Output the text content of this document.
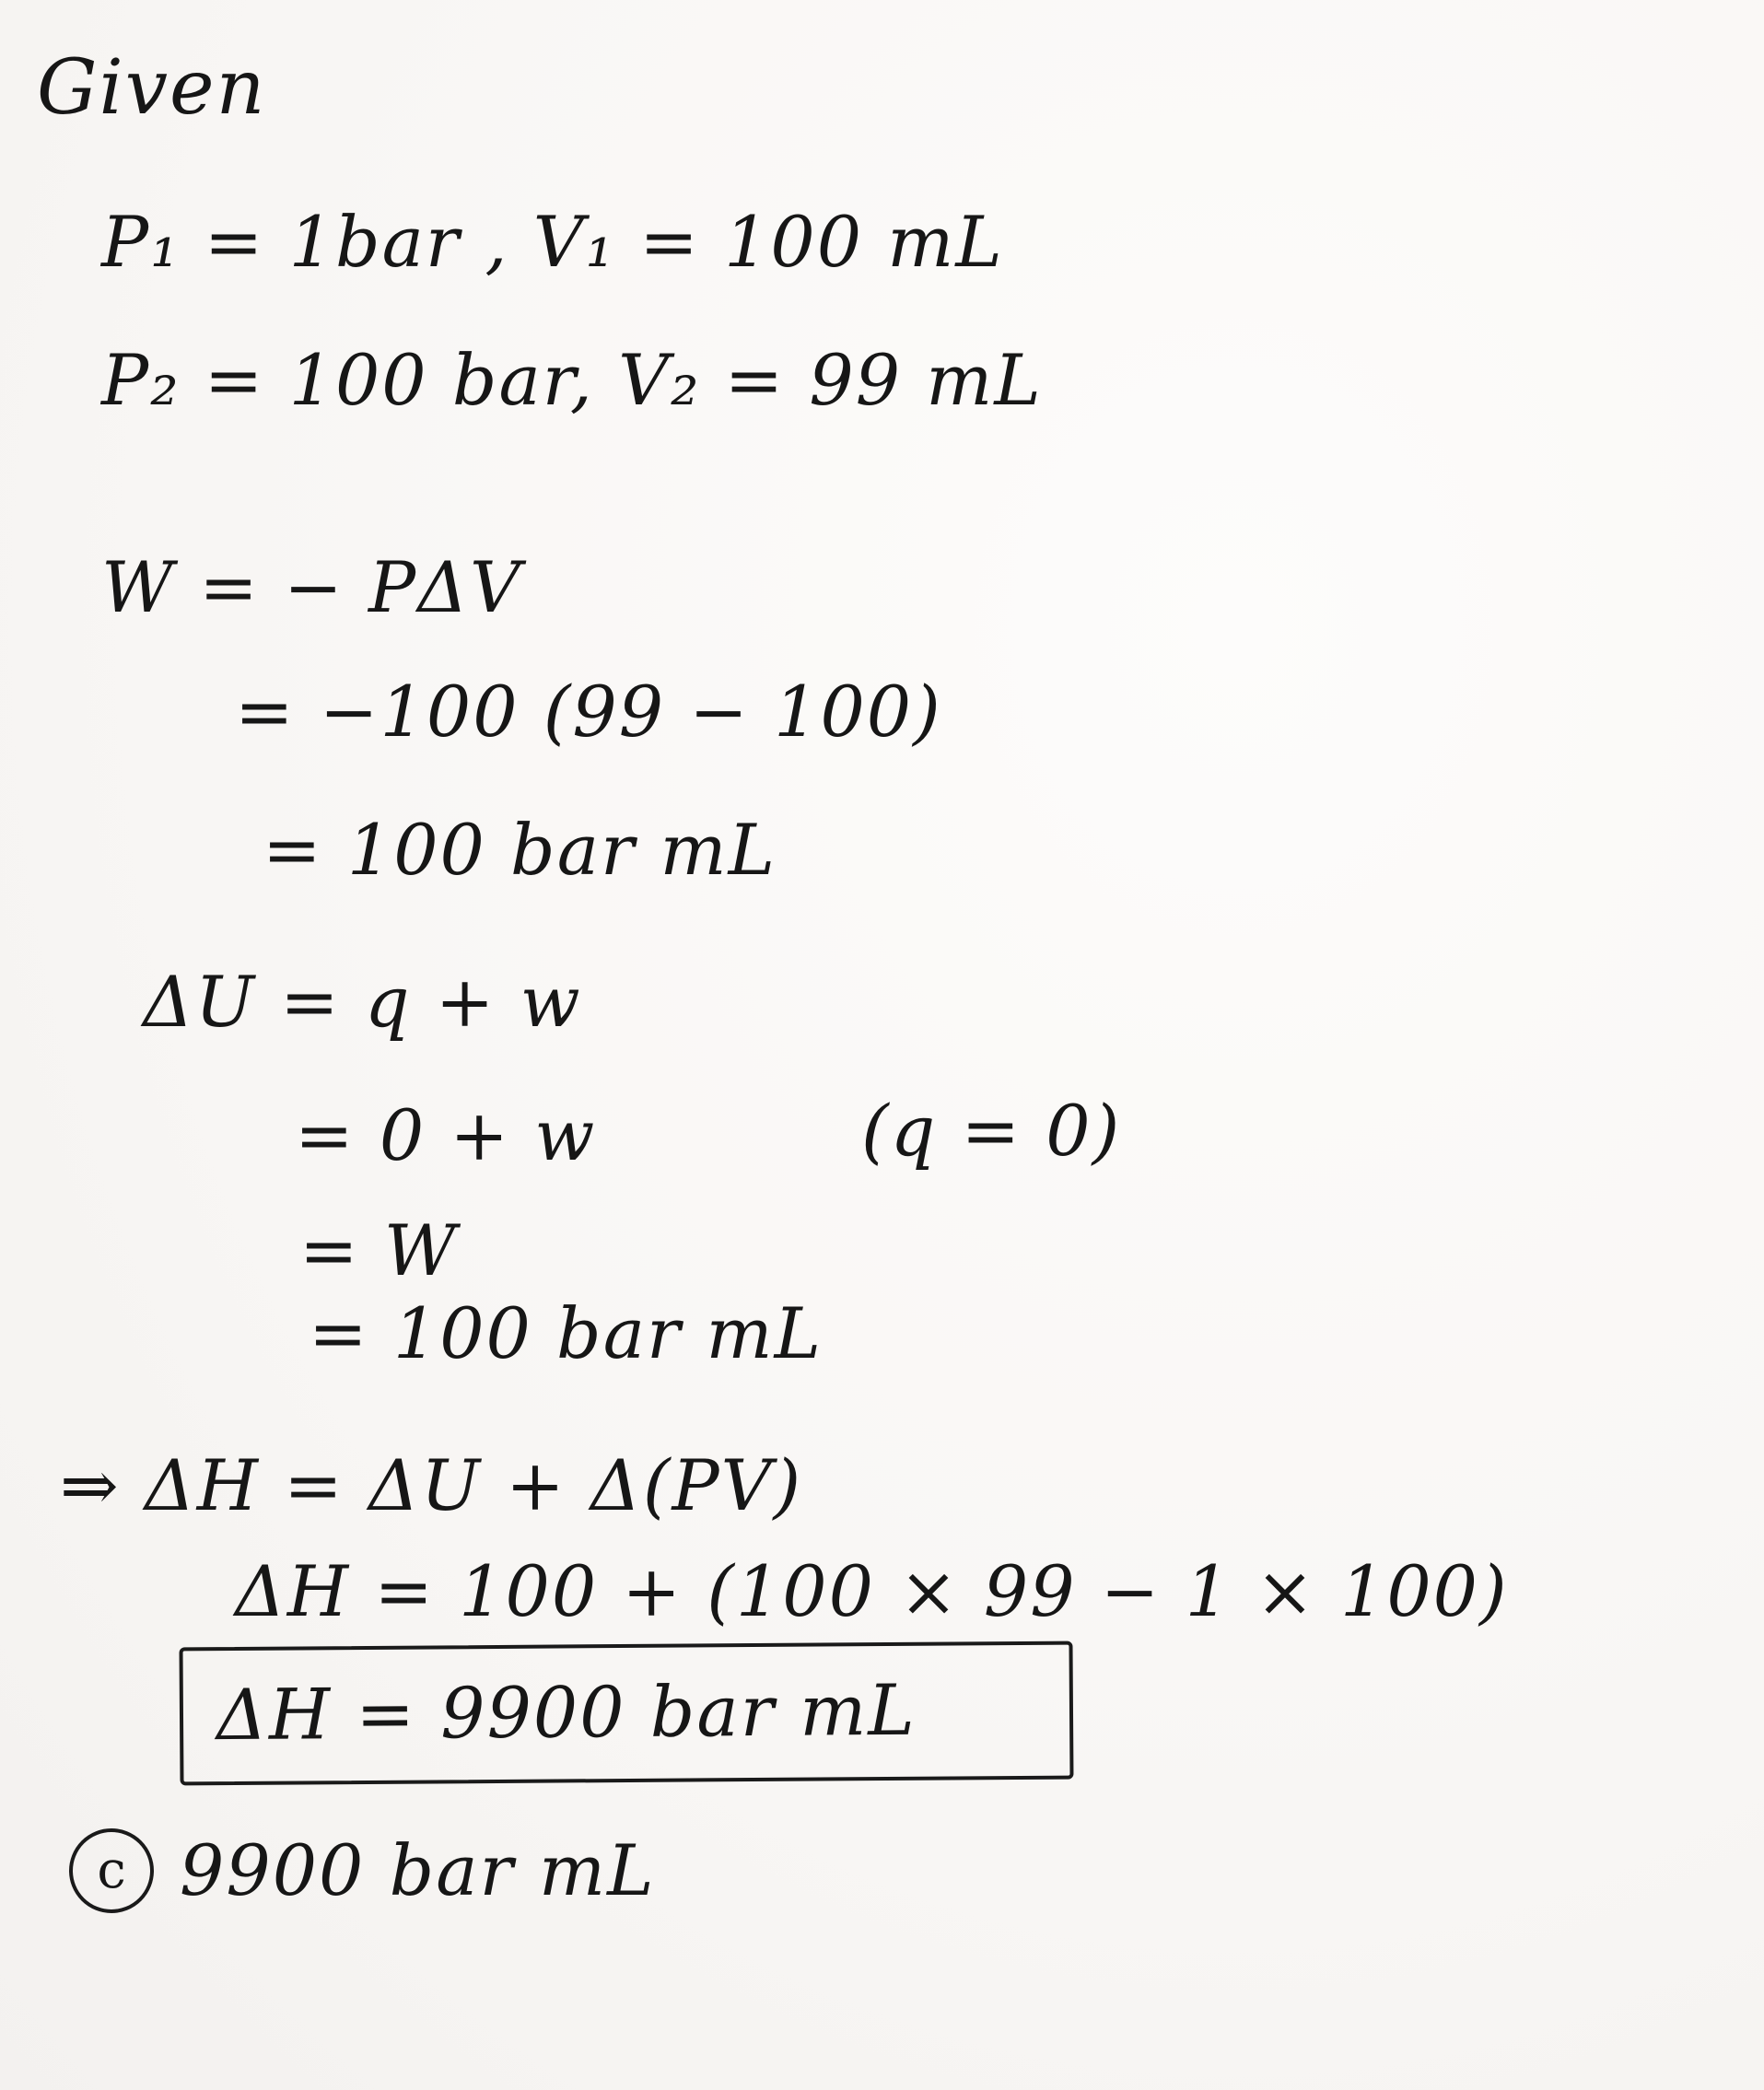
Given
P₁ = 1bar , V₁ = 100 mL
P₂ = 100 bar, V₂ = 99 mL
W = − PΔV
= −100 (99 − 100)
= 100 bar mL
ΔU = q + w
= 0 + w	(q = 0)
= W
= 100 bar mL
⇒ ΔH = ΔU + Δ(PV)
ΔH = 100 + (100 × 99 − 1 × 100)
ΔH = 9900 bar mL
c 9900 bar mL
